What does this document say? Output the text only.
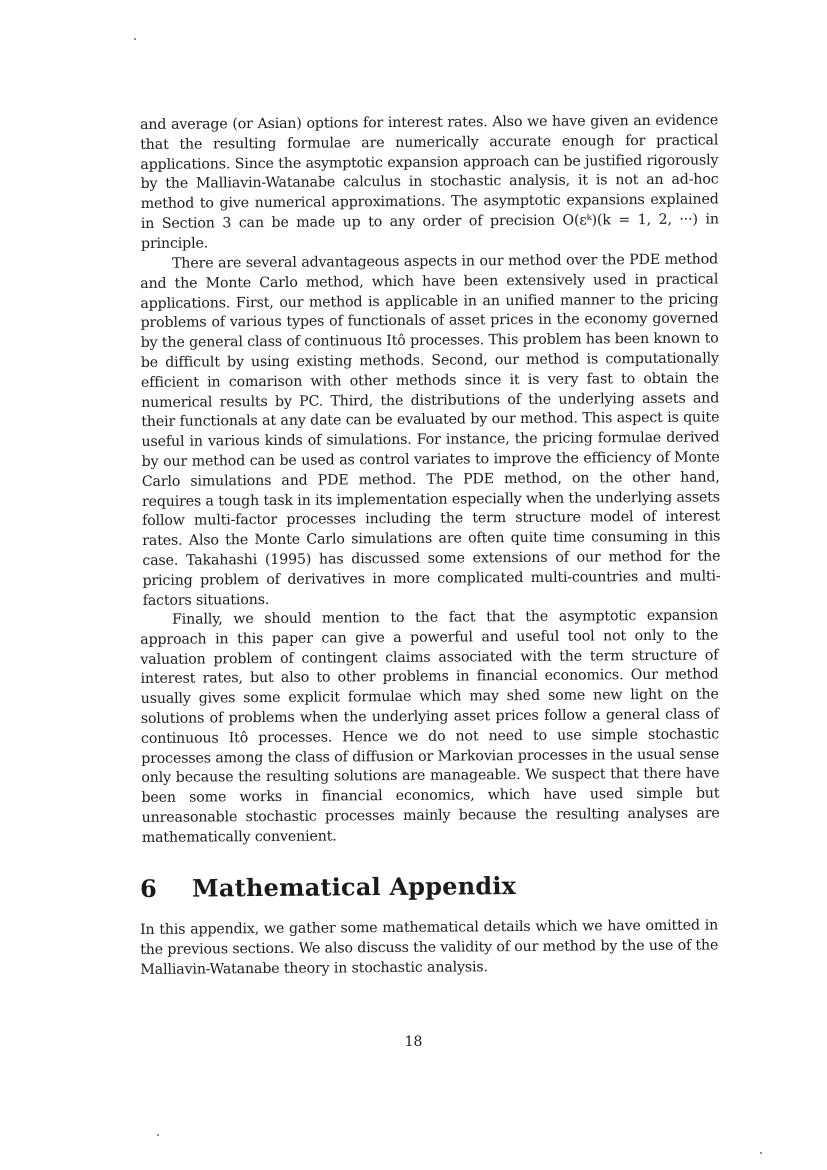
and average (or Asian) options for interest rates. Also we have given an evidence that the resulting formulae are numerically accurate enough for practical applications. Since the asymptotic expansion approach can be justified rigorously by the Malliavin-Watanabe calculus in stochastic analysis, it is not an ad-hoc method to give numerical approximations. The asymptotic expansions explained in Section 3 can be made up to any order of precision O(εᵏ)(k = 1, 2, ···) in principle.

There are several advantageous aspects in our method over the PDE method and the Monte Carlo method, which have been extensively used in practical applications. First, our method is applicable in an unified manner to the pricing problems of various types of functionals of asset prices in the economy governed by the general class of continuous Itô processes. This problem has been known to be difficult by using existing methods. Second, our method is computationally efficient in comarison with other methods since it is very fast to obtain the numerical results by PC. Third, the distributions of the underlying assets and their functionals at any date can be evaluated by our method. This aspect is quite useful in various kinds of simulations. For instance, the pricing formulae derived by our method can be used as control variates to improve the efficiency of Monte Carlo simulations and PDE method. The PDE method, on the other hand, requires a tough task in its implementation especially when the underlying assets follow multi-factor processes including the term structure model of interest rates. Also the Monte Carlo simulations are often quite time consuming in this case. Takahashi (1995) has discussed some extensions of our method for the pricing problem of derivatives in more complicated multi-countries and multi-factors situations.

Finally, we should mention to the fact that the asymptotic expansion approach in this paper can give a powerful and useful tool not only to the valuation problem of contingent claims associated with the term structure of interest rates, but also to other problems in financial economics. Our method usually gives some explicit formulae which may shed some new light on the solutions of problems when the underlying asset prices follow a general class of continuous Itô processes. Hence we do not need to use simple stochastic processes among the class of diffusion or Markovian processes in the usual sense only because the resulting solutions are manageable. We suspect that there have been some works in financial economics, which have used simple but unreasonable stochastic processes mainly because the resulting analyses are mathematically convenient.

6 Mathematical Appendix

In this appendix, we gather some mathematical details which we have omitted in the previous sections. We also discuss the validity of our method by the use of the Malliavin-Watanabe theory in stochastic analysis.

18
